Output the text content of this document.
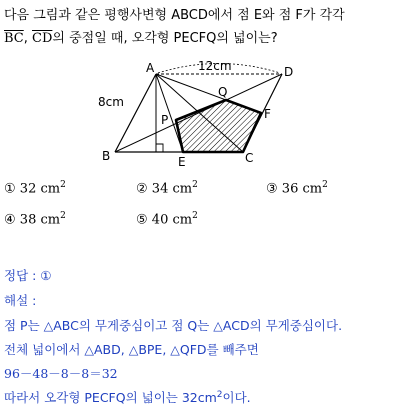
다음 그림과 같은 평행사변형 ABCD에서 점 E와 점 F가 각각
$\overline{BC}$, $\overline{CD}$의 중점일 때, 오각형 PECFQ의 넓이는?
A
B	C
D
E
F
P
Q
12cm
8cm
① 32 $cm^2$	② 34 $cm^2$	③ 36 $cm^2$
④ 38 $cm^2$	⑤ 40 $cm^2$
정답 : ①
해설 :
점 P는 △ABC의 무게중심이고 점 Q는 △ACD의 무게중심이다.
전체 넓이에서 △ABD, △BPE, △QFD를 빼주면
96－48－8－8＝32
따라서 오각형 PECFQ의 넓이는 $32cm^2$이다.
